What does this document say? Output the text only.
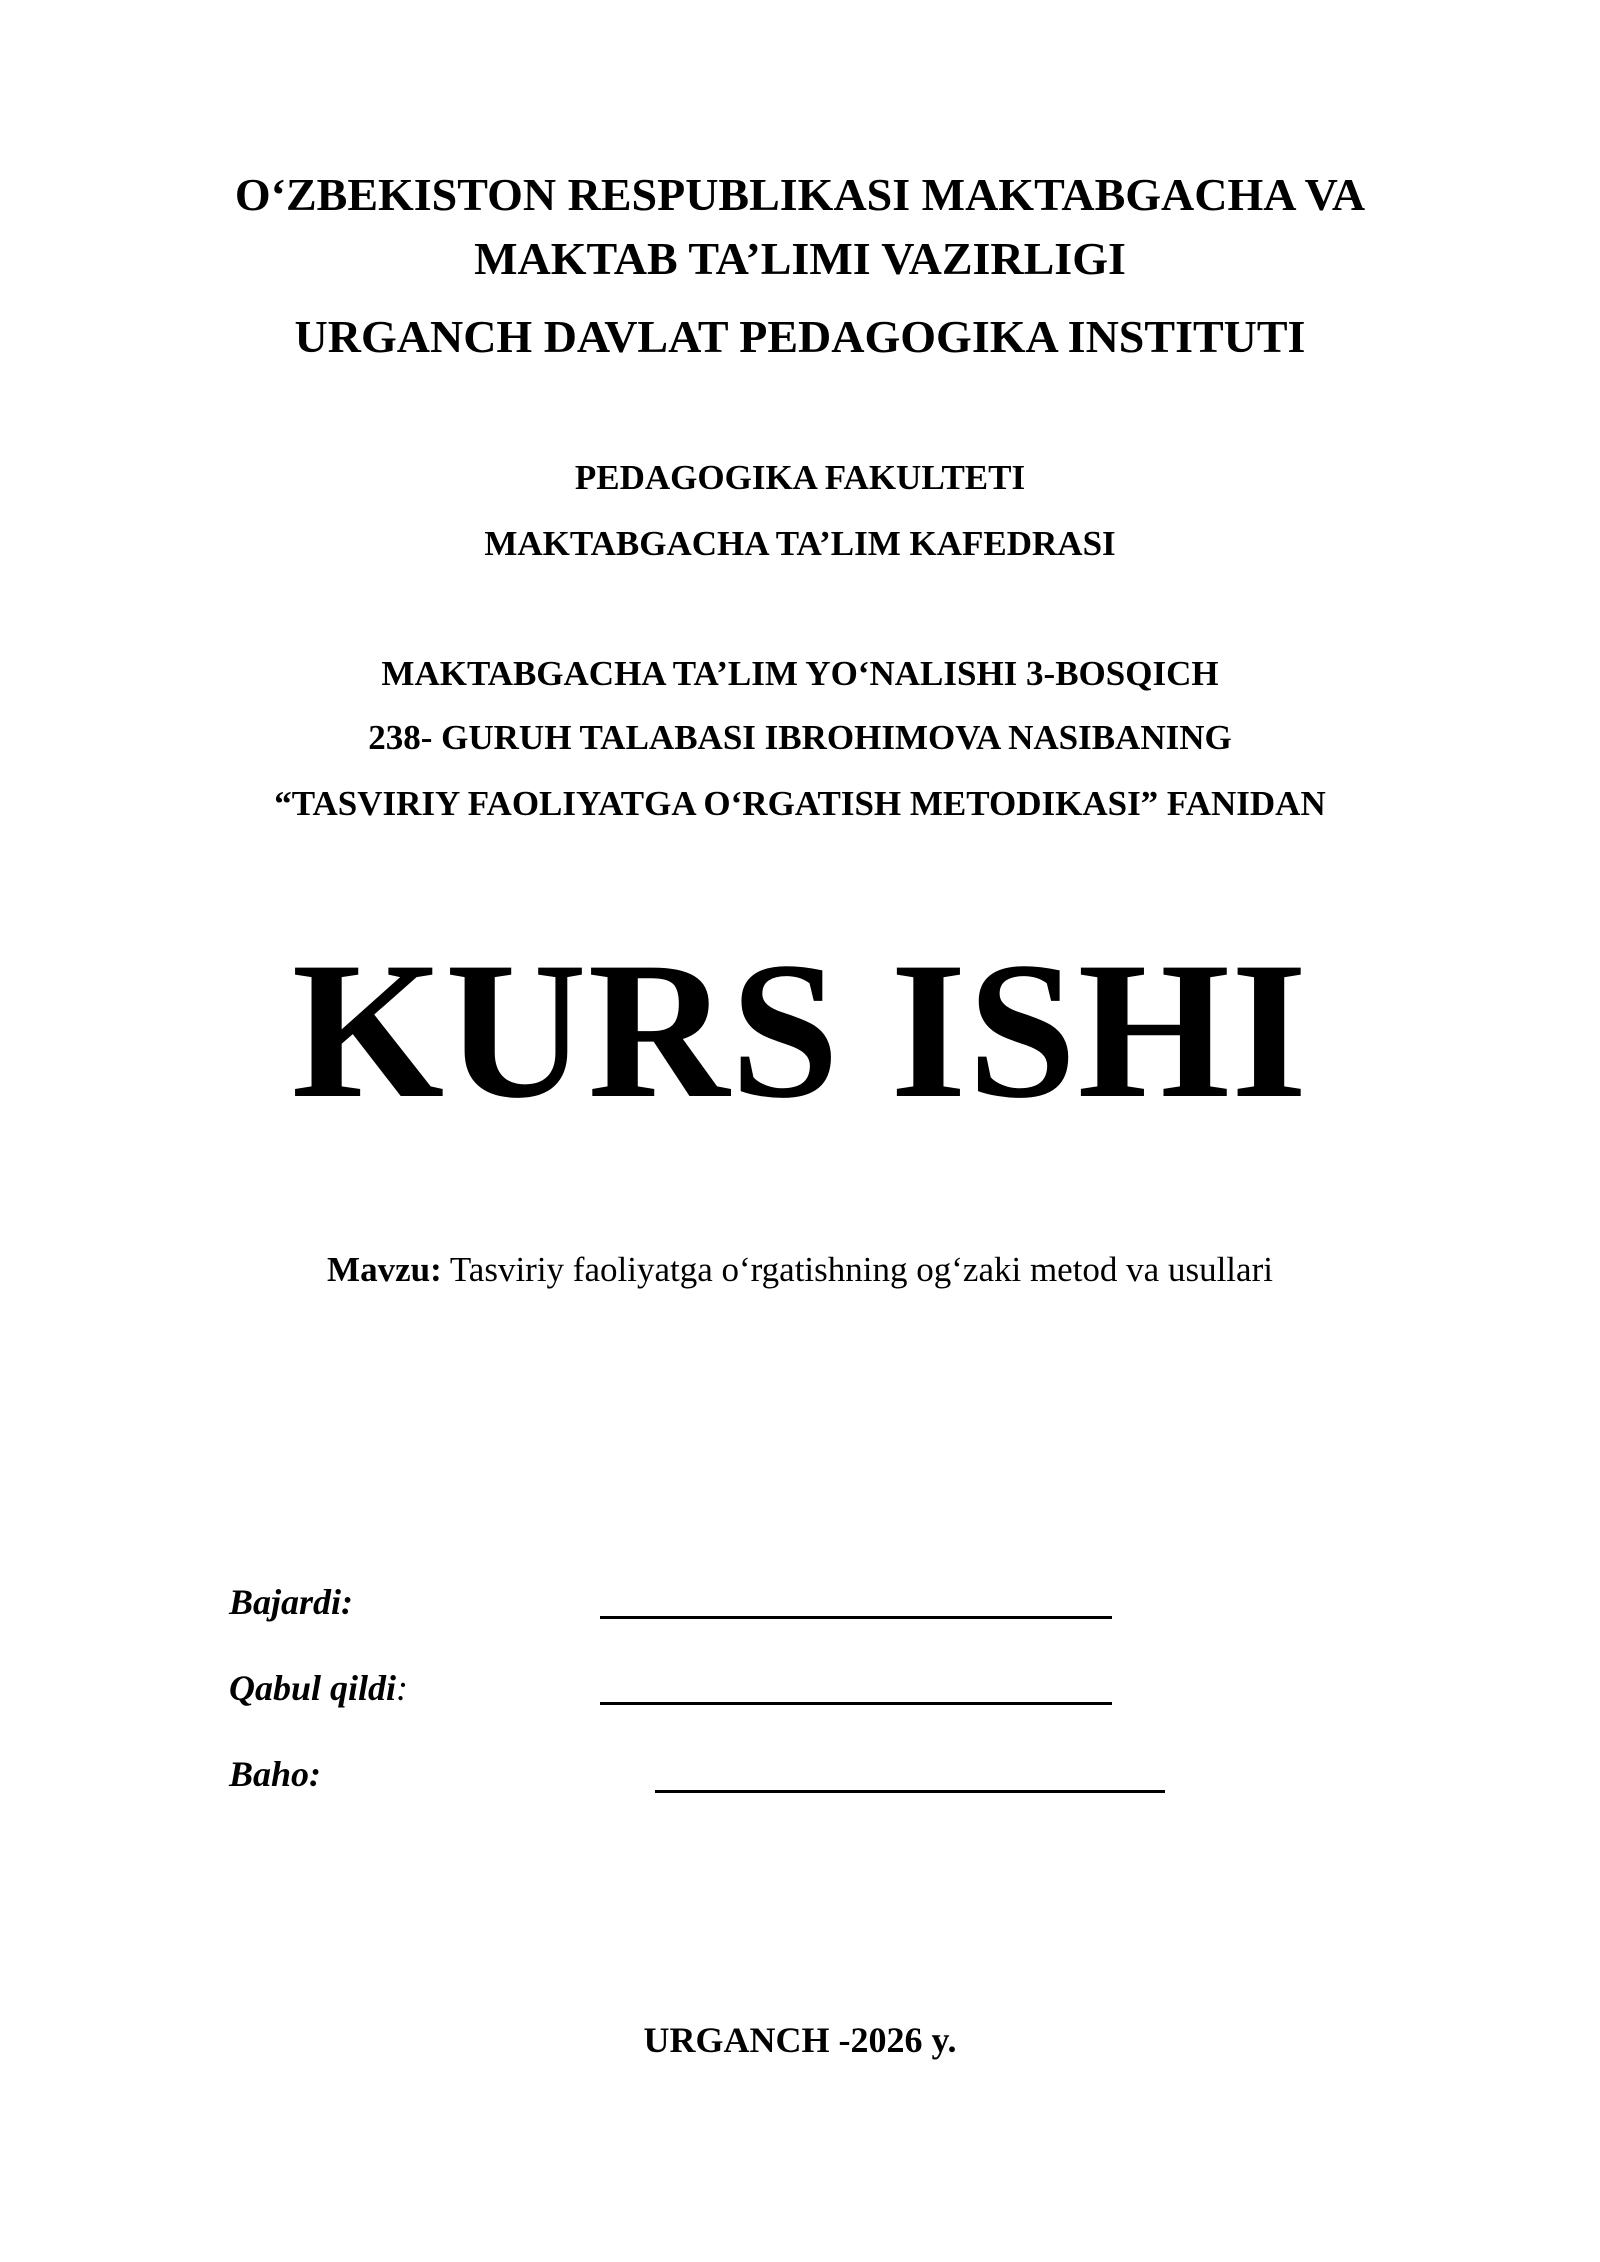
O‘ZBEKISTON RESPUBLIKASI MAKTABGACHA VA
MAKTAB TA’LIMI VAZIRLIGI
URGANCH DAVLAT PEDAGOGIKA INSTITUTI
PEDAGOGIKA FAKULTETI
MAKTABGACHA TA’LIM KAFEDRASI
MAKTABGACHA TA’LIM YO‘NALISHI 3-BOSQICH
238- GURUH TALABASI IBROHIMOVA NASIBANING
“TASVIRIY FAOLIYATGA O‘RGATISH METODIKASI” FANIDAN
KURS ISHI
Mavzu: Tasviriy faoliyatga o‘rgatishning og‘zaki metod va usullari
Bajardi:
Qabul qildi:
Baho:
URGANCH -2026 y.
